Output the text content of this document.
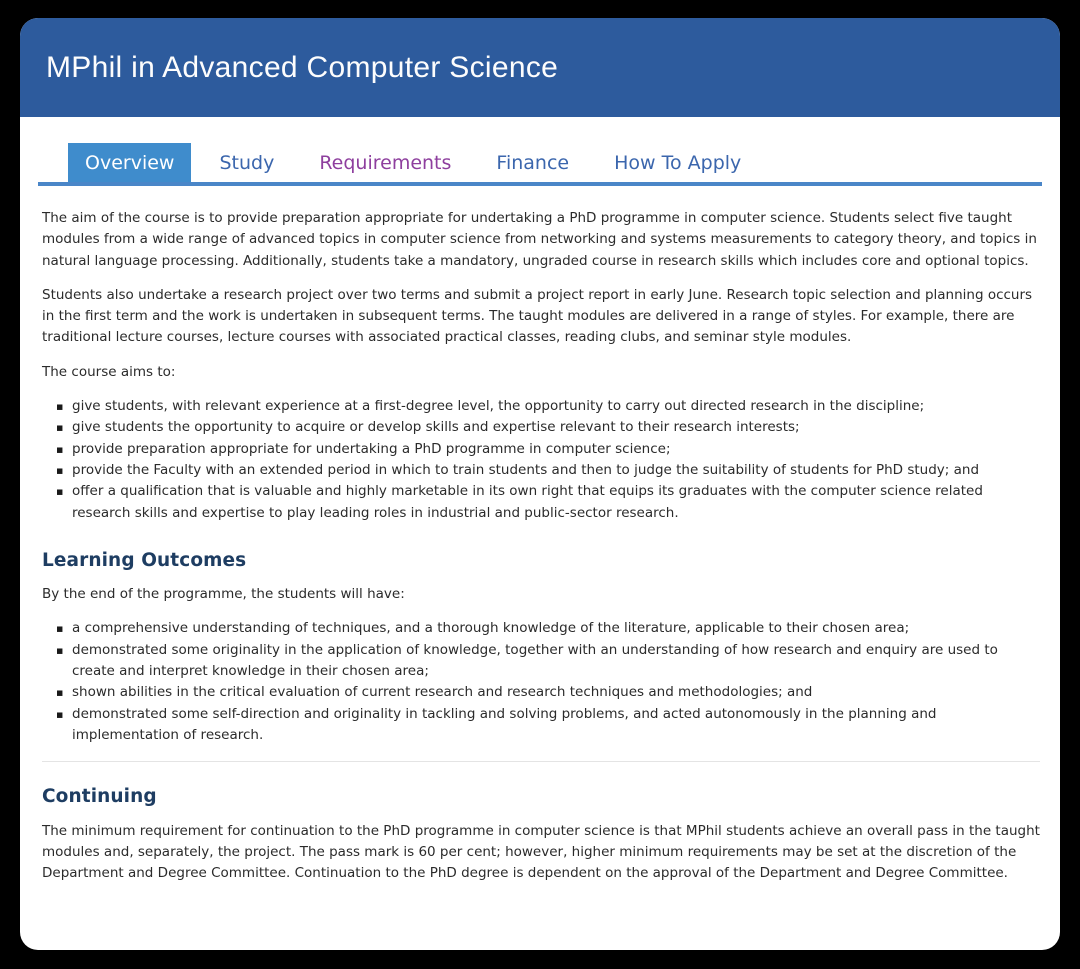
MPhil in Advanced Computer Science
Overview	Study	Requirements	Finance	How To Apply

The aim of the course is to provide preparation appropriate for undertaking a PhD programme in computer science. Students select five taught modules from a wide range of advanced topics in computer science from networking and systems measurements to category theory, and topics in natural language processing. Additionally, students take a mandatory, ungraded course in research skills which includes core and optional topics.

Students also undertake a research project over two terms and submit a project report in early June. Research topic selection and planning occurs in the first term and the work is undertaken in subsequent terms. The taught modules are delivered in a range of styles. For example, there are traditional lecture courses, lecture courses with associated practical classes, reading clubs, and seminar style modules.

The course aims to:

▪ give students, with relevant experience at a first-degree level, the opportunity to carry out directed research in the discipline;
▪ give students the opportunity to acquire or develop skills and expertise relevant to their research interests;
▪ provide preparation appropriate for undertaking a PhD programme in computer science;
▪ provide the Faculty with an extended period in which to train students and then to judge the suitability of students for PhD study; and
▪ offer a qualification that is valuable and highly marketable in its own right that equips its graduates with the computer science related research skills and expertise to play leading roles in industrial and public-sector research.
Learning Outcomes

By the end of the programme, the students will have:

▪ a comprehensive understanding of techniques, and a thorough knowledge of the literature, applicable to their chosen area;
▪ demonstrated some originality in the application of knowledge, together with an understanding of how research and enquiry are used to create and interpret knowledge in their chosen area;
▪ shown abilities in the critical evaluation of current research and research techniques and methodologies; and
▪ demonstrated some self-direction and originality in tackling and solving problems, and acted autonomously in the planning and implementation of research.
Continuing

The minimum requirement for continuation to the PhD programme in computer science is that MPhil students achieve an overall pass in the taught modules and, separately, the project. The pass mark is 60 per cent; however, higher minimum requirements may be set at the discretion of the Department and Degree Committee. Continuation to the PhD degree is dependent on the approval of the Department and Degree Committee.
